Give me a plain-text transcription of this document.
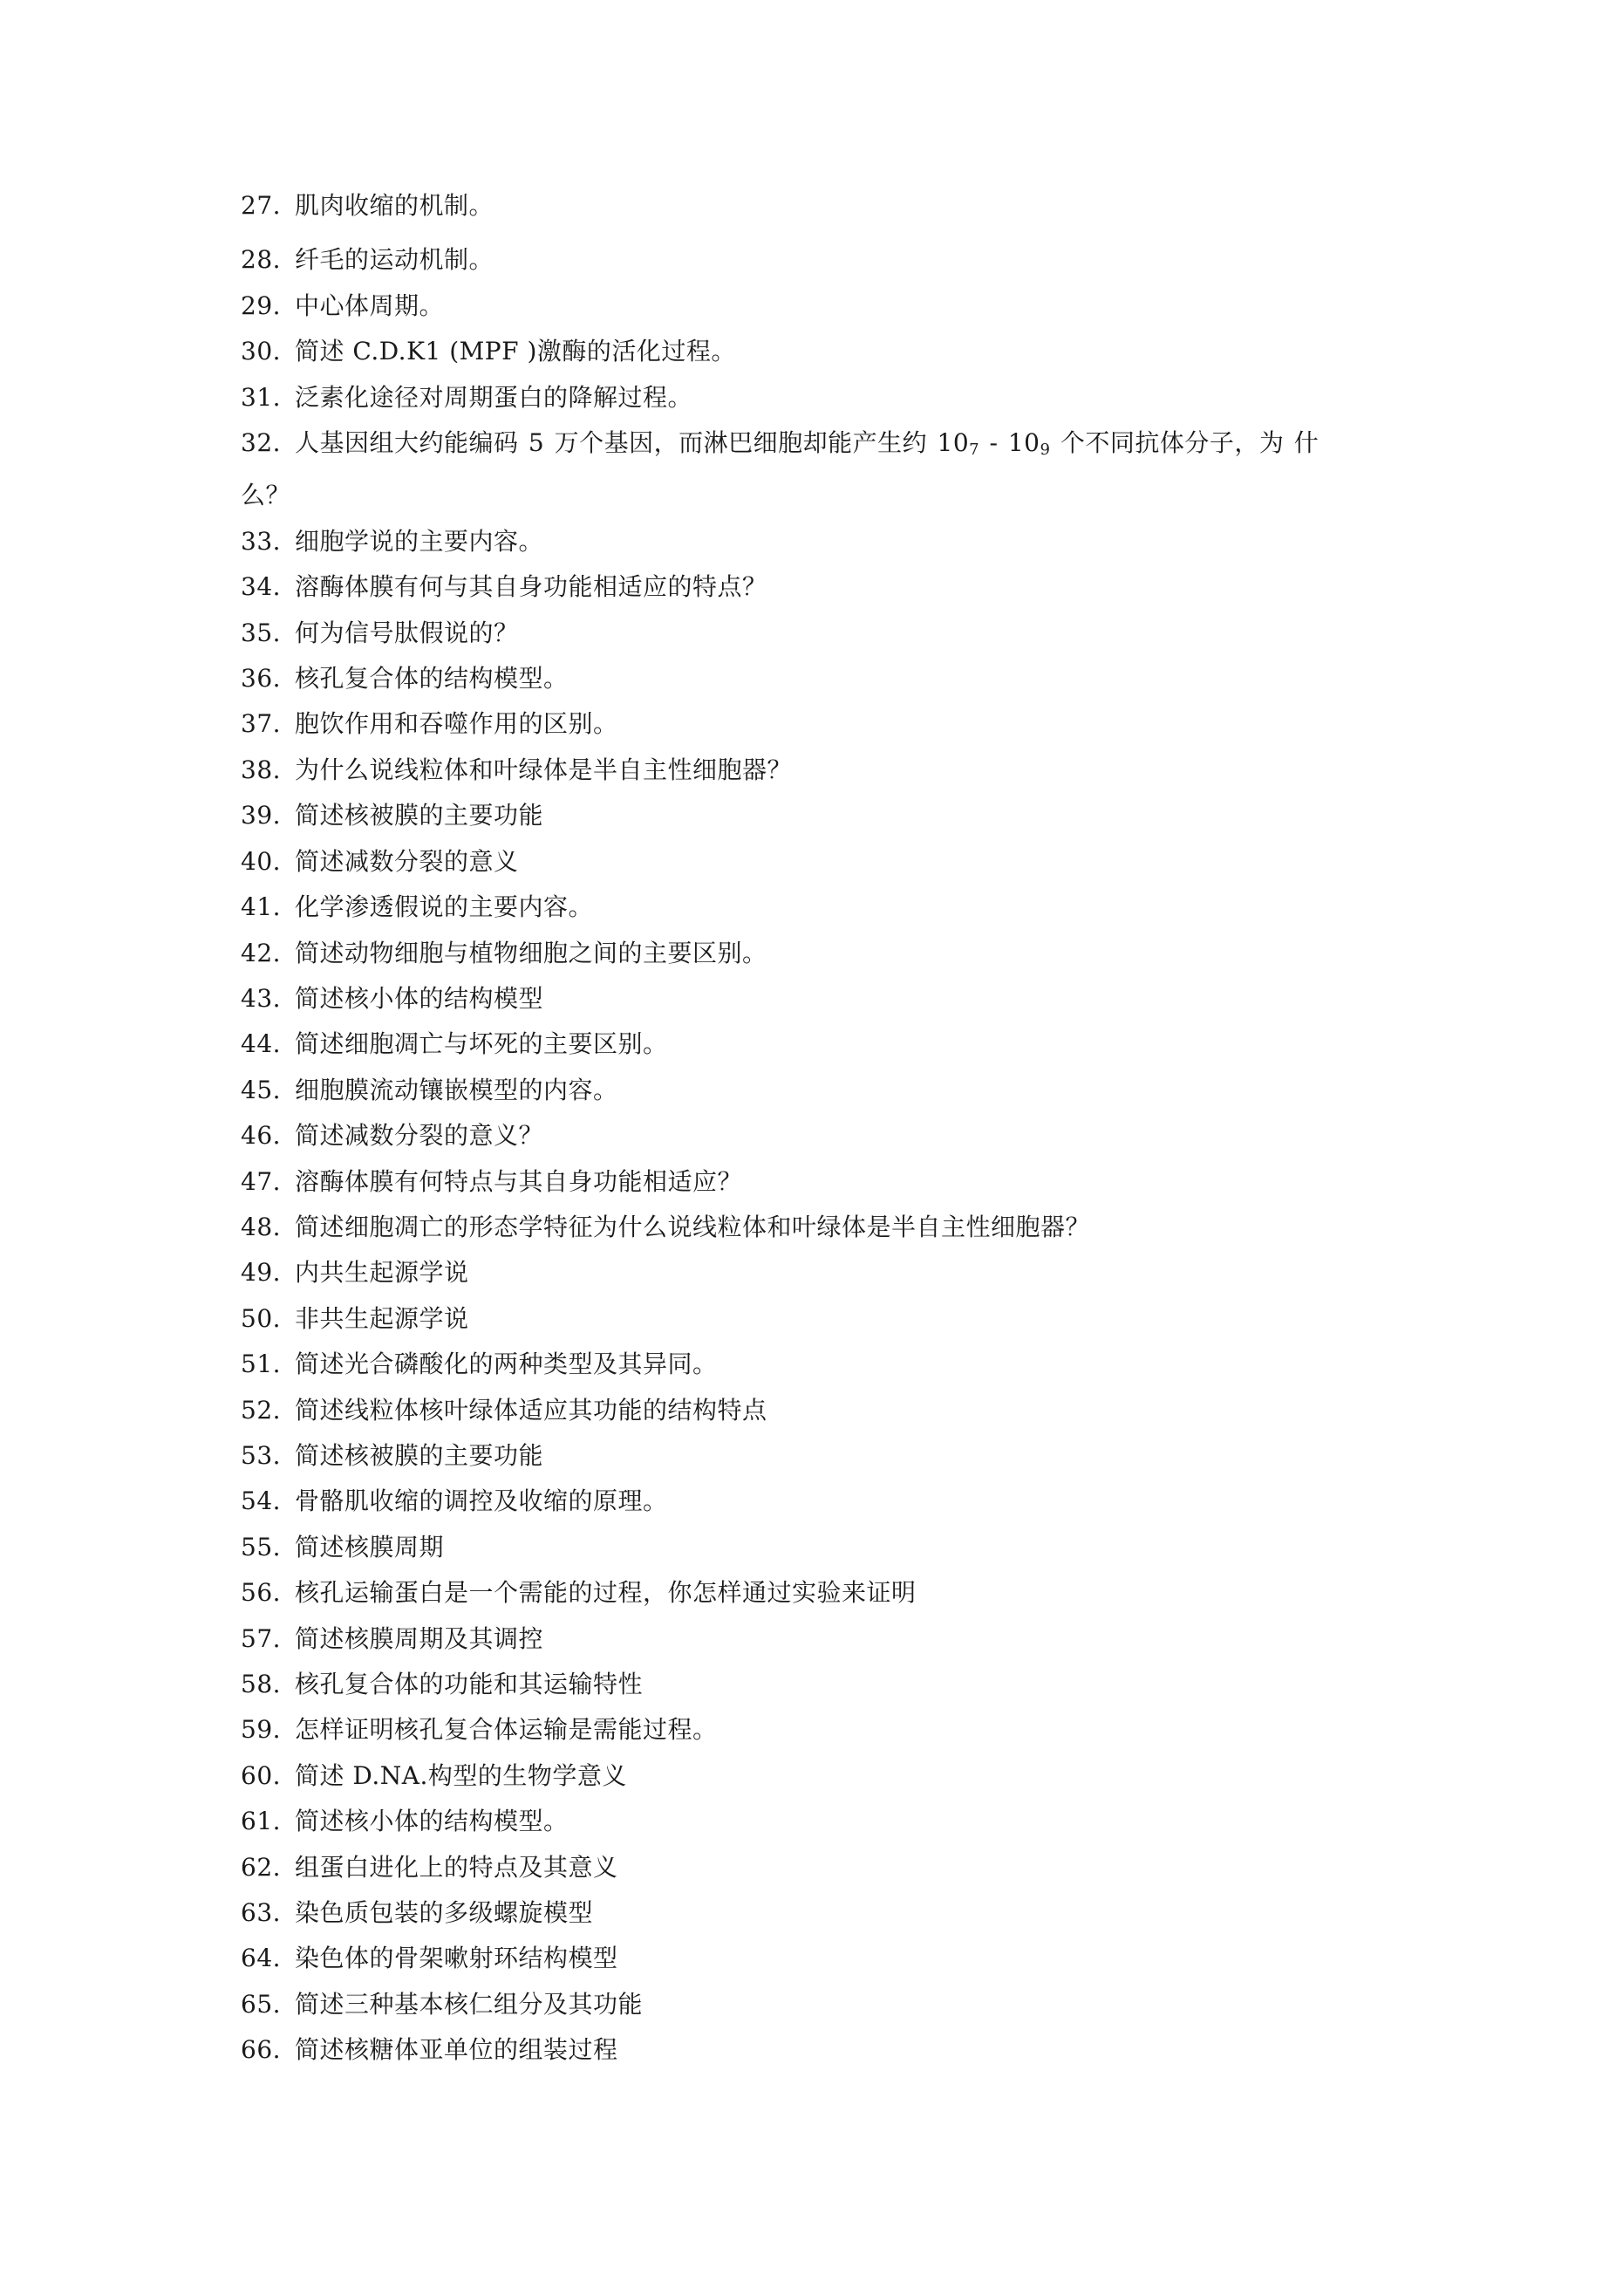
27. 肌肉收缩的机制。
28. 纤毛的运动机制。
29. 中心体周期。
30. 简述 C.D.K1 (MPF )激酶的活化过程。
31. 泛素化途径对周期蛋白的降解过程。
32. 人基因组大约能编码 5 万个基因，而淋巴细胞却能产生约 $10_7 - 10_9$ 个不同抗体分子，为 什
么？
33. 细胞学说的主要内容。
34. 溶酶体膜有何与其自身功能相适应的特点？
35. 何为信号肽假说的？
36. 核孔复合体的结构模型。
37. 胞饮作用和吞噬作用的区别。
38. 为什么说线粒体和叶绿体是半自主性细胞器？
39. 简述核被膜的主要功能
40. 简述减数分裂的意义
41. 化学渗透假说的主要内容。
42. 简述动物细胞与植物细胞之间的主要区别。
43. 简述核小体的结构模型
44. 简述细胞凋亡与坏死的主要区别。
45. 细胞膜流动镶嵌模型的内容。
46. 简述减数分裂的意义？
47. 溶酶体膜有何特点与其自身功能相适应？
48. 简述细胞凋亡的形态学特征为什么说线粒体和叶绿体是半自主性细胞器？
49. 内共生起源学说
50. 非共生起源学说
51. 简述光合磷酸化的两种类型及其异同。
52. 简述线粒体核叶绿体适应其功能的结构特点
53. 简述核被膜的主要功能
54. 骨骼肌收缩的调控及收缩的原理。
55. 简述核膜周期
56. 核孔运输蛋白是一个需能的过程，你怎样通过实验来证明
57. 简述核膜周期及其调控
58. 核孔复合体的功能和其运输特性
59. 怎样证明核孔复合体运输是需能过程。
60. 简述 D.NA.构型的生物学意义
61. 简述核小体的结构模型。
62. 组蛋白进化上的特点及其意义
63. 染色质包装的多级螺旋模型
64. 染色体的骨架嗽射环结构模型
65. 简述三种基本核仁组分及其功能
66. 简述核糖体亚单位的组装过程
